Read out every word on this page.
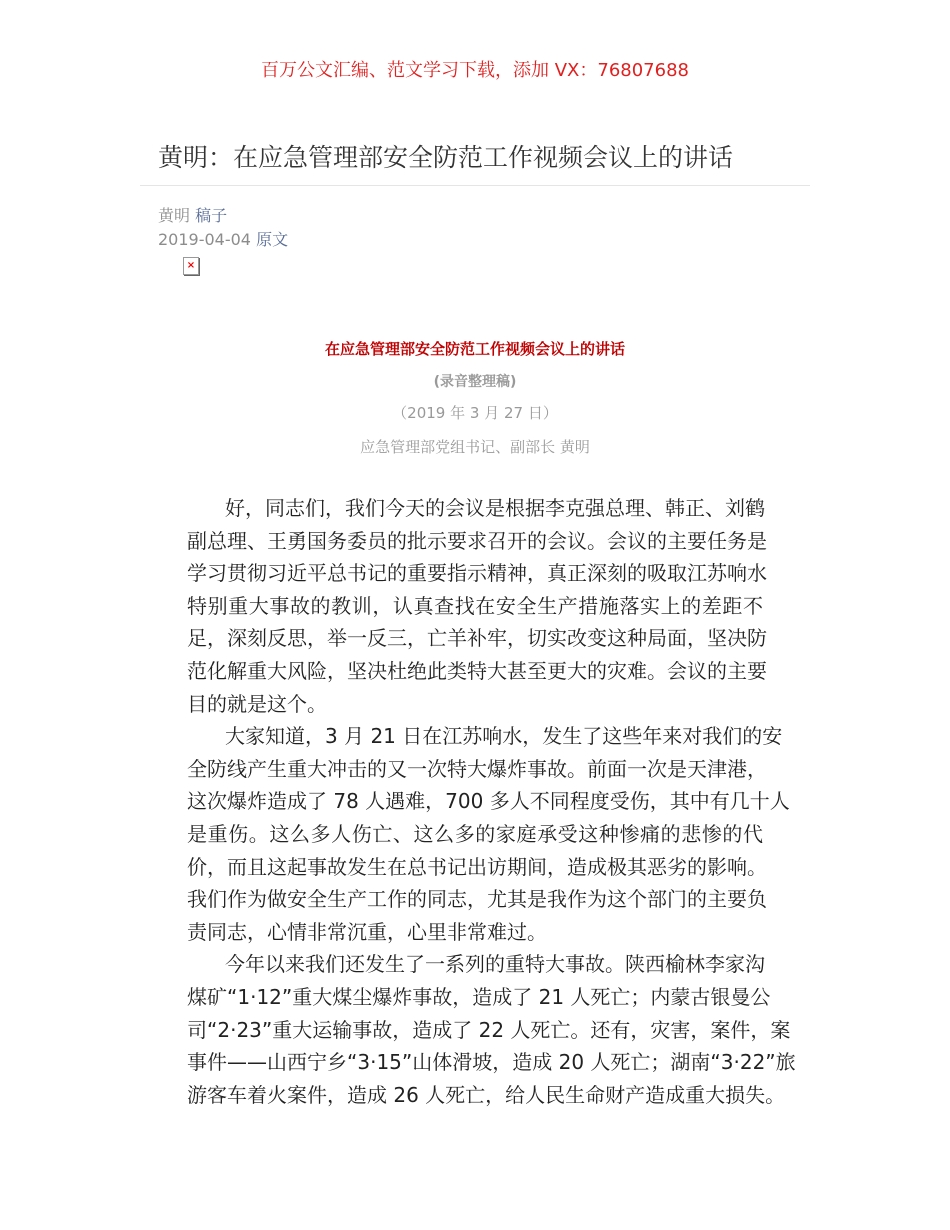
百万公文汇编、范文学习下载，添加 VX：76807688
黄明：在应急管理部安全防范工作视频会议上的讲话
黄明 稿子
2019-04-04 原文
×
在应急管理部安全防范工作视频会议上的讲话
(录音整理稿)
（2019 年 3 月 27 日）
应急管理部党组书记、副部长 黄明
好，同志们，我们今天的会议是根据李克强总理、韩正、刘鹤
副总理、王勇国务委员的批示要求召开的会议。会议的主要任务是
学习贯彻习近平总书记的重要指示精神，真正深刻的吸取江苏响水
特别重大事故的教训，认真查找在安全生产措施落实上的差距不
足，深刻反思，举一反三，亡羊补牢，切实改变这种局面，坚决防
范化解重大风险，坚决杜绝此类特大甚至更大的灾难。会议的主要
目的就是这个。
大家知道，3 月 21 日在江苏响水，发生了这些年来对我们的安
全防线产生重大冲击的又一次特大爆炸事故。前面一次是天津港，
这次爆炸造成了 78 人遇难，700 多人不同程度受伤，其中有几十人
是重伤。这么多人伤亡、这么多的家庭承受这种惨痛的悲惨的代
价，而且这起事故发生在总书记出访期间，造成极其恶劣的影响。
我们作为做安全生产工作的同志，尤其是我作为这个部门的主要负
责同志，心情非常沉重，心里非常难过。
今年以来我们还发生了一系列的重特大事故。陕西榆林李家沟
煤矿“1·12”重大煤尘爆炸事故，造成了 21 人死亡；内蒙古银曼公
司“2·23”重大运输事故，造成了 22 人死亡。还有，灾害，案件，案
事件——山西宁乡“3·15”山体滑坡，造成 20 人死亡；湖南“3·22”旅
游客车着火案件，造成 26 人死亡，给人民生命财产造成重大损失。
